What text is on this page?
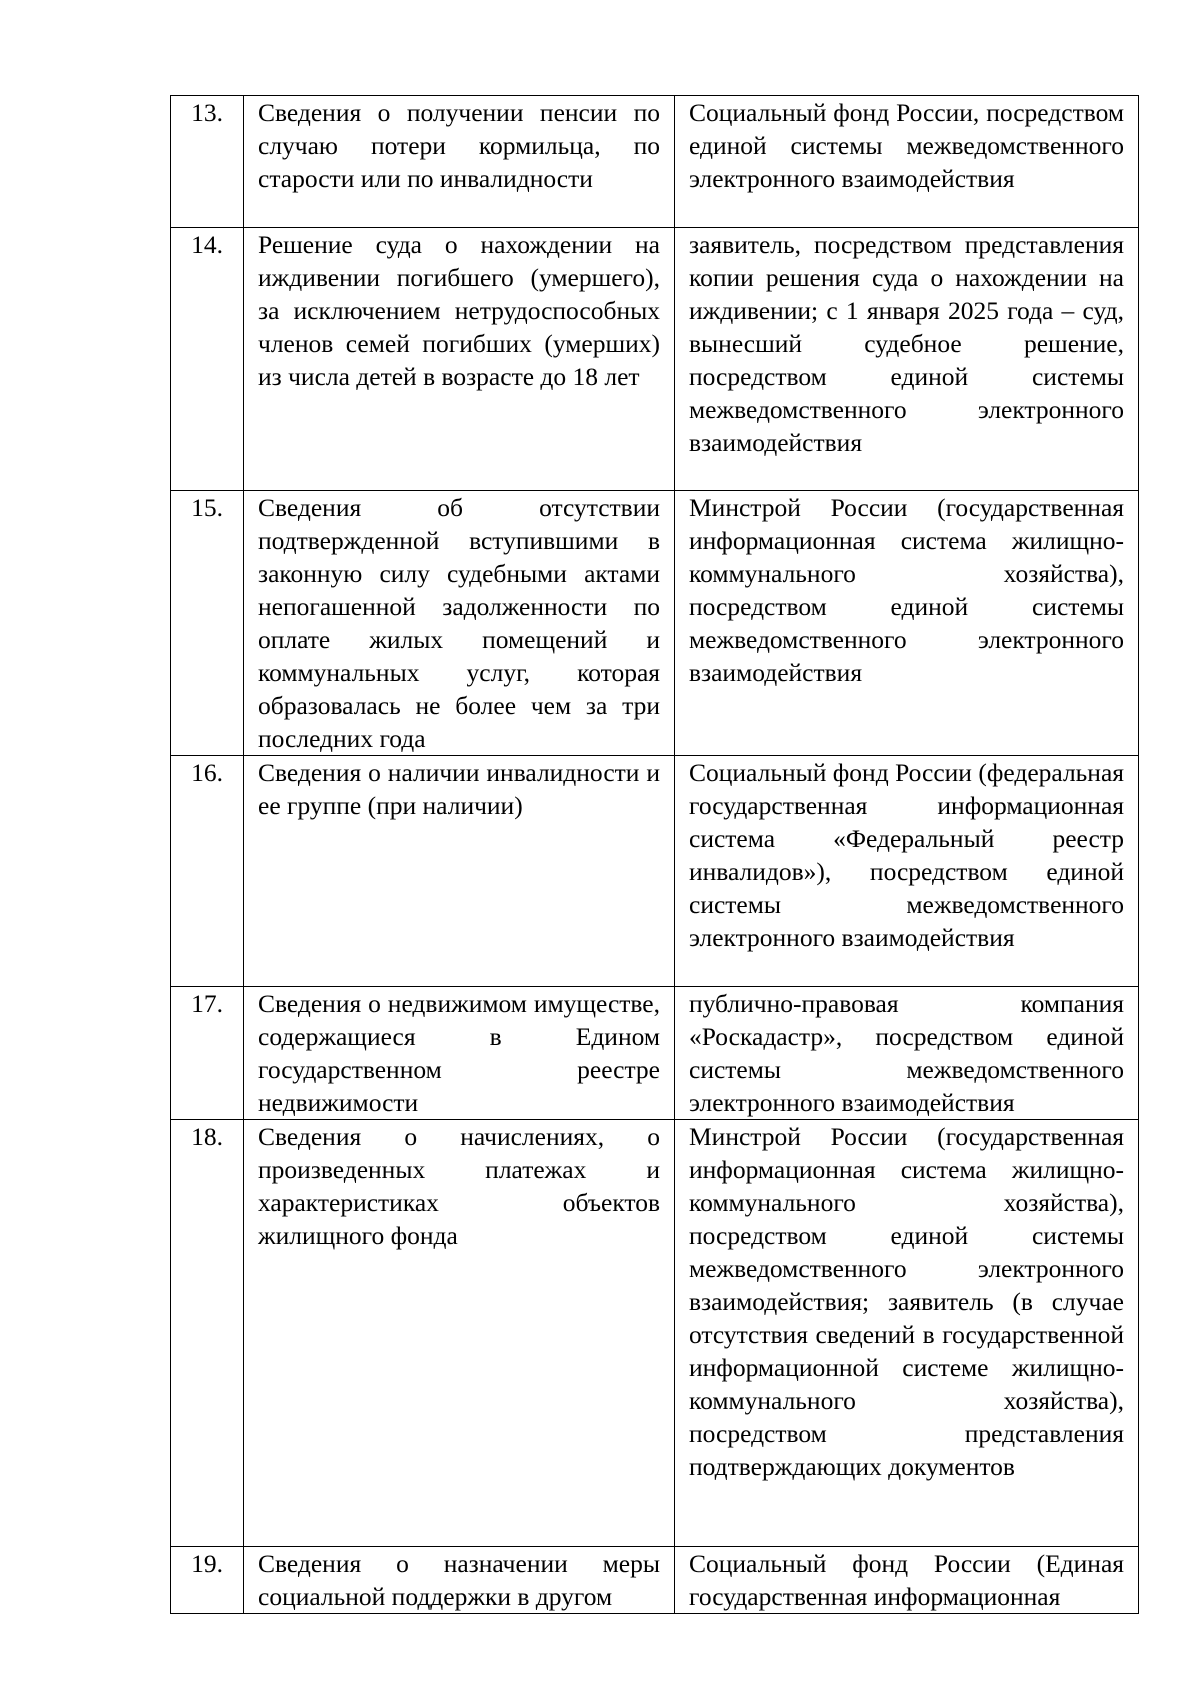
13.	Сведения о получении пенсии по случаю потери кормильца, по старости или по инвалидности	Социальный фонд России, посредством единой системы межведомственного электронного взаимодействия
14.	Решение суда о нахождении на иждивении погибшего (умершего), за исключением нетрудоспособных членов семей погибших (умерших) из числа детей в возрасте до 18 лет	заявитель, посредством представления копии решения суда о нахождении на иждивении; с 1 января 2025 года – суд, вынесший судебное решение, посредством единой системы межведомственного электронного взаимодействия
15.	Сведения об отсутствии подтвержденной вступившими в законную силу судебными актами непогашенной задолженности по оплате жилых помещений и коммунальных услуг, которая образовалась не более чем за три последних года	Минстрой России (государственная информационная система жилищно-коммунального хозяйства), посредством единой системы межведомственного электронного взаимодействия
16.	Сведения о наличии инвалидности и ее группе (при наличии)	Социальный фонд России (федеральная государственная информационная система «Федеральный реестр инвалидов»), посредством единой системы межведомственного электронного взаимодействия
17.	Сведения о недвижимом имуществе, содержащиеся в Едином государственном реестре недвижимости	публично-правовая компания «Роскадастр», посредством единой системы межведомственного электронного взаимодействия
18.	Сведения о начислениях, о произведенных платежах и характеристиках объектов жилищного фонда	Минстрой России (государственная информационная система жилищно-коммунального хозяйства), посредством единой системы межведомственного электронного взаимодействия; заявитель (в случае отсутствия сведений в государственной информационной системе жилищно-коммунального хозяйства), посредством представления подтверждающих документов
19.	Сведения о назначении меры социальной поддержки в другом	Социальный фонд России (Единая государственная информационная
